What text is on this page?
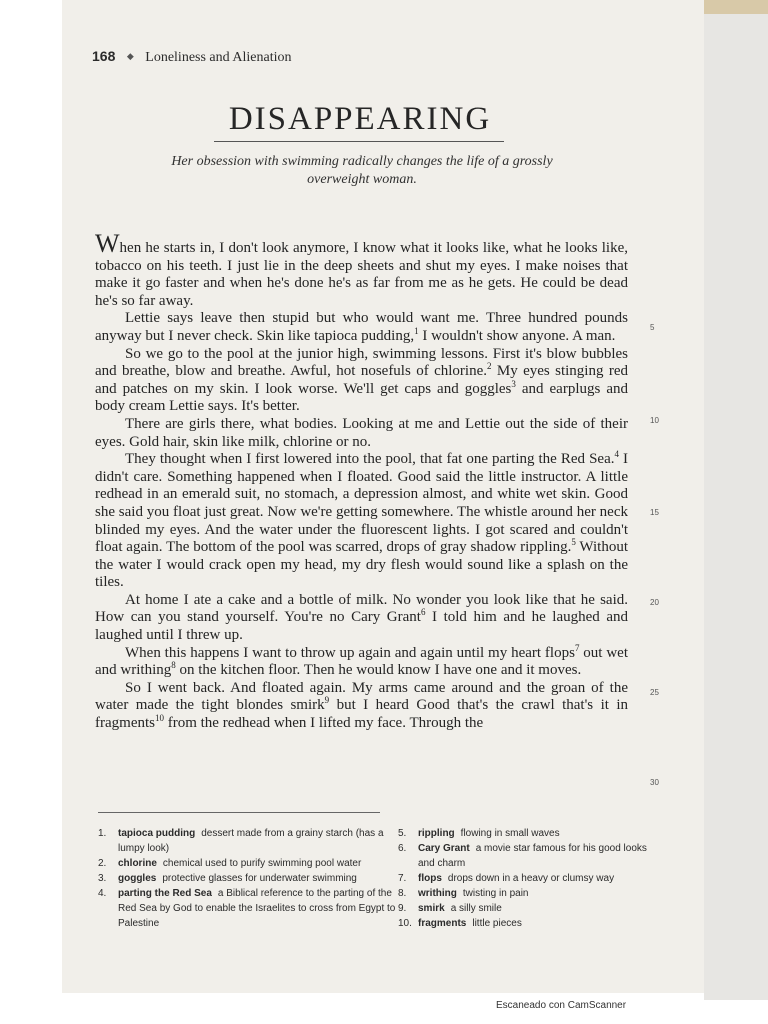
168 ◆ Loneliness and Alienation
DISAPPEARING
Her obsession with swimming radically changes the life of a grossly overweight woman.

When he starts in, I don't look anymore, I know what it looks like, what he looks like, tobacco on his teeth. I just lie in the deep sheets and shut my eyes. I make noises that make it go faster and when he's done he's as far from me as he gets. He could be dead he's so far away.

Lettie says leave then stupid but who would want me. Three hundred pounds anyway but I never check. Skin like tapioca pudding,$^1$ I wouldn't show anyone. A man.

So we go to the pool at the junior high, swimming lessons. First it's blow bubbles and breathe, blow and breathe. Awful, hot nosefuls of chlorine.$^2$ My eyes stinging red and patches on my skin. I look worse. We'll get caps and goggles$^3$ and earplugs and body cream Lettie says. It's better.

There are girls there, what bodies. Looking at me and Lettie out the side of their eyes. Gold hair, skin like milk, chlorine or no.

They thought when I first lowered into the pool, that fat one parting the Red Sea.$^4$ I didn't care. Something happened when I floated. Good said the little instructor. A little redhead in an emerald suit, no stomach, a depression almost, and white wet skin. Good she said you float just great. Now we're getting somewhere. The whistle around her neck blinded my eyes. And the water under the fluorescent lights. I got scared and couldn't float again. The bottom of the pool was scarred, drops of gray shadow rippling.$^5$ Without the water I would crack open my head, my dry flesh would sound like a splash on the tiles.

At home I ate a cake and a bottle of milk. No wonder you look like that he said. How can you stand yourself. You're no Cary Grant$^6$ I told him and he laughed and laughed until I threw up.

When this happens I want to throw up again and again until my heart flops$^7$ out wet and writhing$^8$ on the kitchen floor. Then he would know I have one and it moves.

So I went back. And floated again. My arms came around and the groan of the water made the tight blondes smirk$^9$ but I heard Good that's the crawl that's it in fragments$^{10}$ from the redhead when I lifted my face. Through the

5
10
15
20
25
30
1.	tapioca pudding dessert made from a grainy starch (has a lumpy look)
2.	chlorine chemical used to purify swimming pool water
3.	goggles protective glasses for underwater swimming
4.	parting the Red Sea a Biblical reference to the parting of the Red Sea by God to enable the Israelites to cross from Egypt to Palestine
5.	rippling flowing in small waves
6.	Cary Grant a movie star famous for his good looks and charm
7.	flops drops down in a heavy or clumsy way
8.	writhing twisting in pain
9.	smirk a silly smile
10. fragments little pieces
Escaneado con CamScanner
